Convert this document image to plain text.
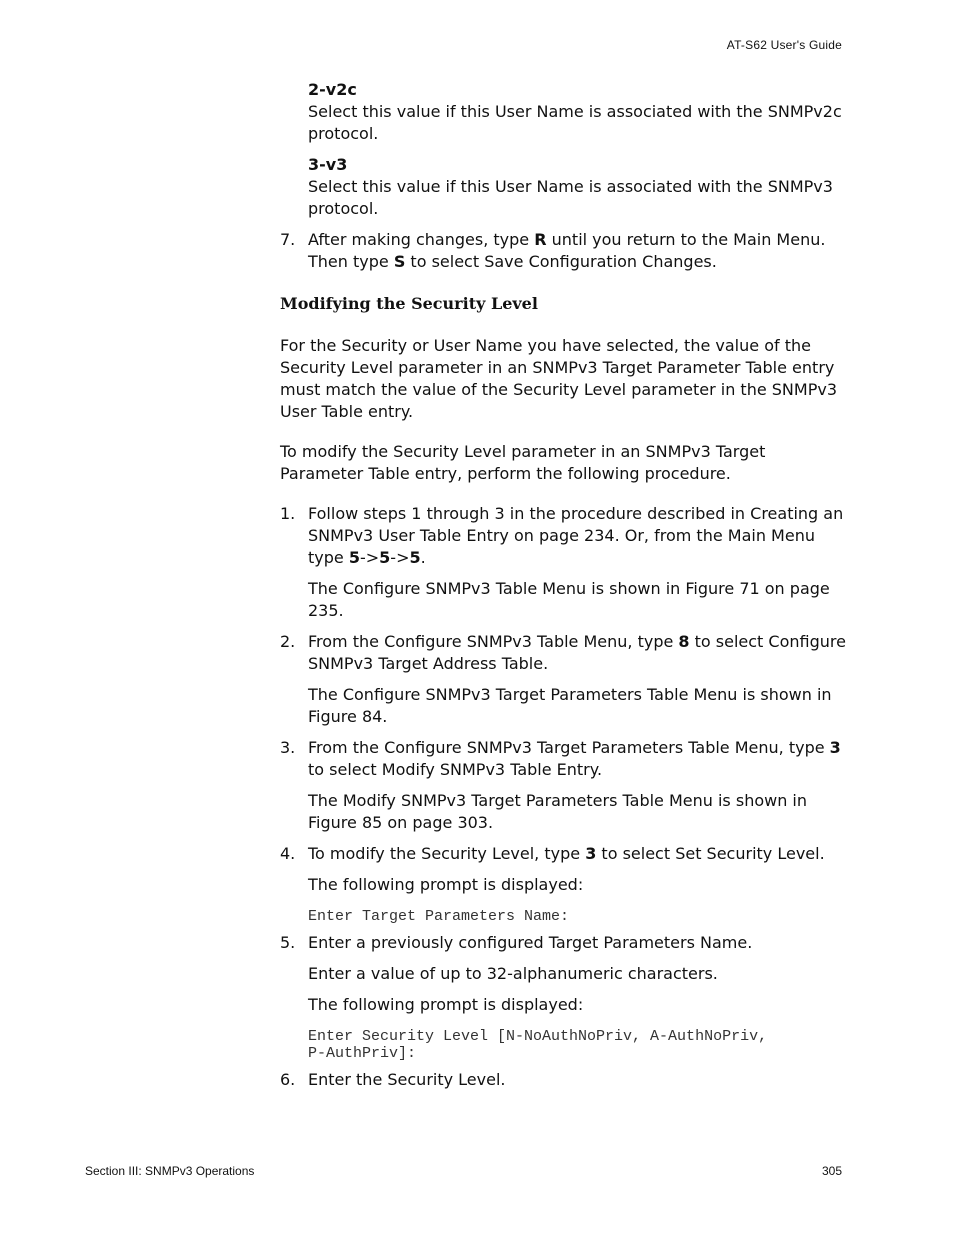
AT-S62 User's Guide

2-v2c

Select this value if this User Name is associated with the SNMPv2c protocol.

3-v3

Select this value if this User Name is associated with the SNMPv3 protocol.

7. After making changes, type R until you return to the Main Menu. Then type S to select Save Configuration Changes.

Modifying the Security Level

For the Security or User Name you have selected, the value of the Security Level parameter in an SNMPv3 Target Parameter Table entry must match the value of the Security Level parameter in the SNMPv3 User Table entry.

To modify the Security Level parameter in an SNMPv3 Target Parameter Table entry, perform the following procedure.

1. Follow steps 1 through 3 in the procedure described in Creating an SNMPv3 User Table Entry on page 234. Or, from the Main Menu type 5->5->5.

The Configure SNMPv3 Table Menu is shown in Figure 71 on page 235.

2. From the Configure SNMPv3 Table Menu, type 8 to select Configure SNMPv3 Target Address Table.

The Configure SNMPv3 Target Parameters Table Menu is shown in Figure 84.

3. From the Configure SNMPv3 Target Parameters Table Menu, type 3 to select Modify SNMPv3 Table Entry.

The Modify SNMPv3 Target Parameters Table Menu is shown in Figure 85 on page 303.

4. To modify the Security Level, type 3 to select Set Security Level.

The following prompt is displayed:

Enter Target Parameters Name:
5. Enter a previously configured Target Parameters Name.

Enter a value of up to 32-alphanumeric characters.

The following prompt is displayed:

Enter Security Level [N-NoAuthNoPriv, A-AuthNoPriv,
P-AuthPriv]:
6. Enter the Security Level.

Section III: SNMPv3 Operations	305
